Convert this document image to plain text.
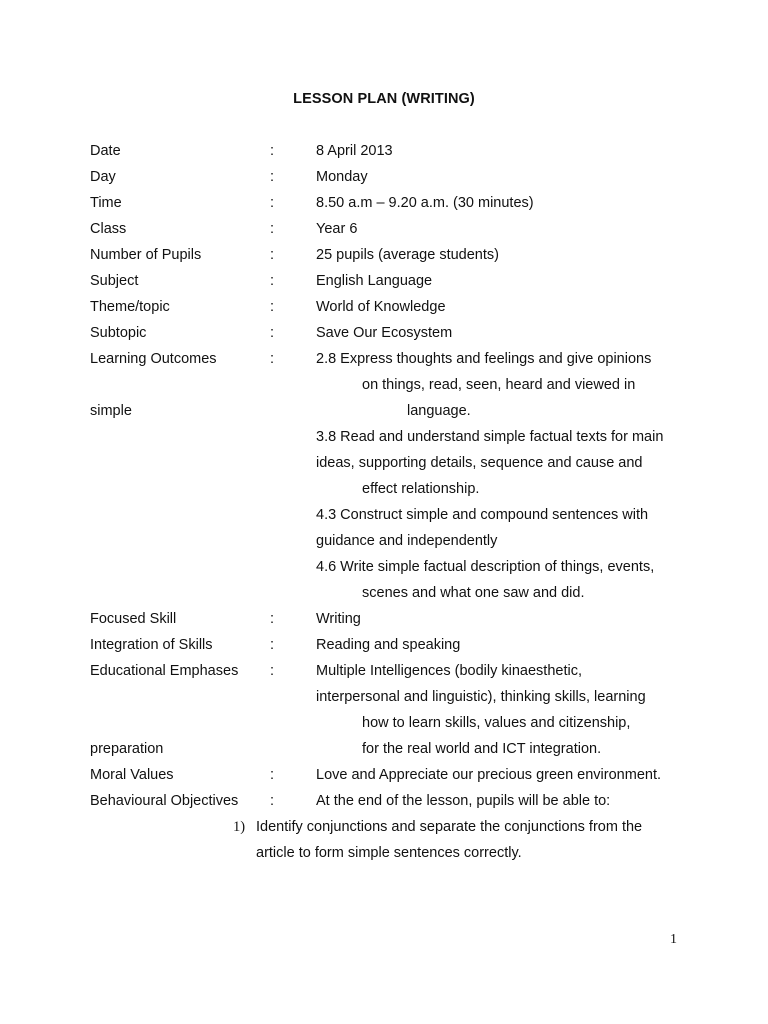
LESSON PLAN (WRITING)
Date	:	8 April 2013
Day	:	Monday
Time	:	8.50 a.m – 9.20 a.m. (30 minutes)
Class	:	Year 6
Number of Pupils	:	25 pupils (average students)
Subject	:	English Language
Theme/topic	:	World of Knowledge
Subtopic	:	Save Our Ecosystem
Learning Outcomes	:	2.8 Express thoughts and feelings and give opinions
on things, read, seen, heard and viewed in
simple	language.
3.8 Read and understand simple factual texts for main
ideas, supporting details, sequence and cause and
effect relationship.
4.3 Construct simple and compound sentences with
guidance and independently
4.6 Write simple factual description of things, events,
scenes and what one saw and did.
Focused Skill	:	Writing
Integration of Skills	:	Reading and speaking
Educational Emphases :	Multiple Intelligences (bodily kinaesthetic,
interpersonal and linguistic), thinking skills, learning
how to learn skills, values and citizenship,
preparation	for the real world and ICT integration.
Moral Values	:	Love and Appreciate our precious green environment.
Behavioural Objectives :	At the end of the lesson, pupils will be able to:
1) Identify conjunctions and separate the conjunctions from the
article to form simple sentences correctly.
1
